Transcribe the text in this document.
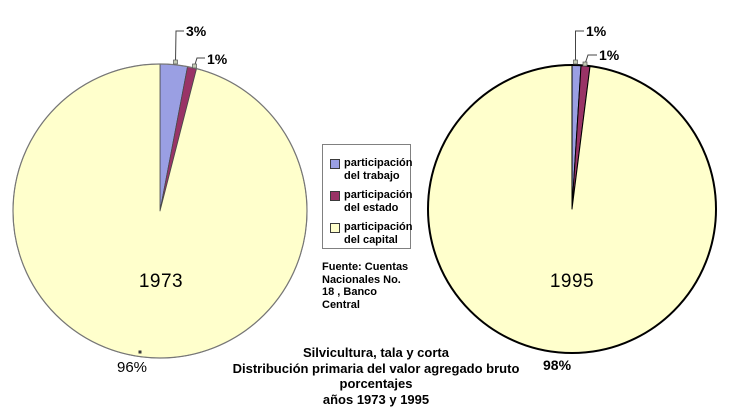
3%
1%
96%
1973
1%
1%
98%
1995
participación
del trabajo
participación
del estado
participación
del capital
Fuente: Cuentas
Nacionales No.
18 , Banco
Central
Silvicultura, tala y corta
Distribución primaria del valor agregado bruto
porcentajes
años 1973 y 1995
